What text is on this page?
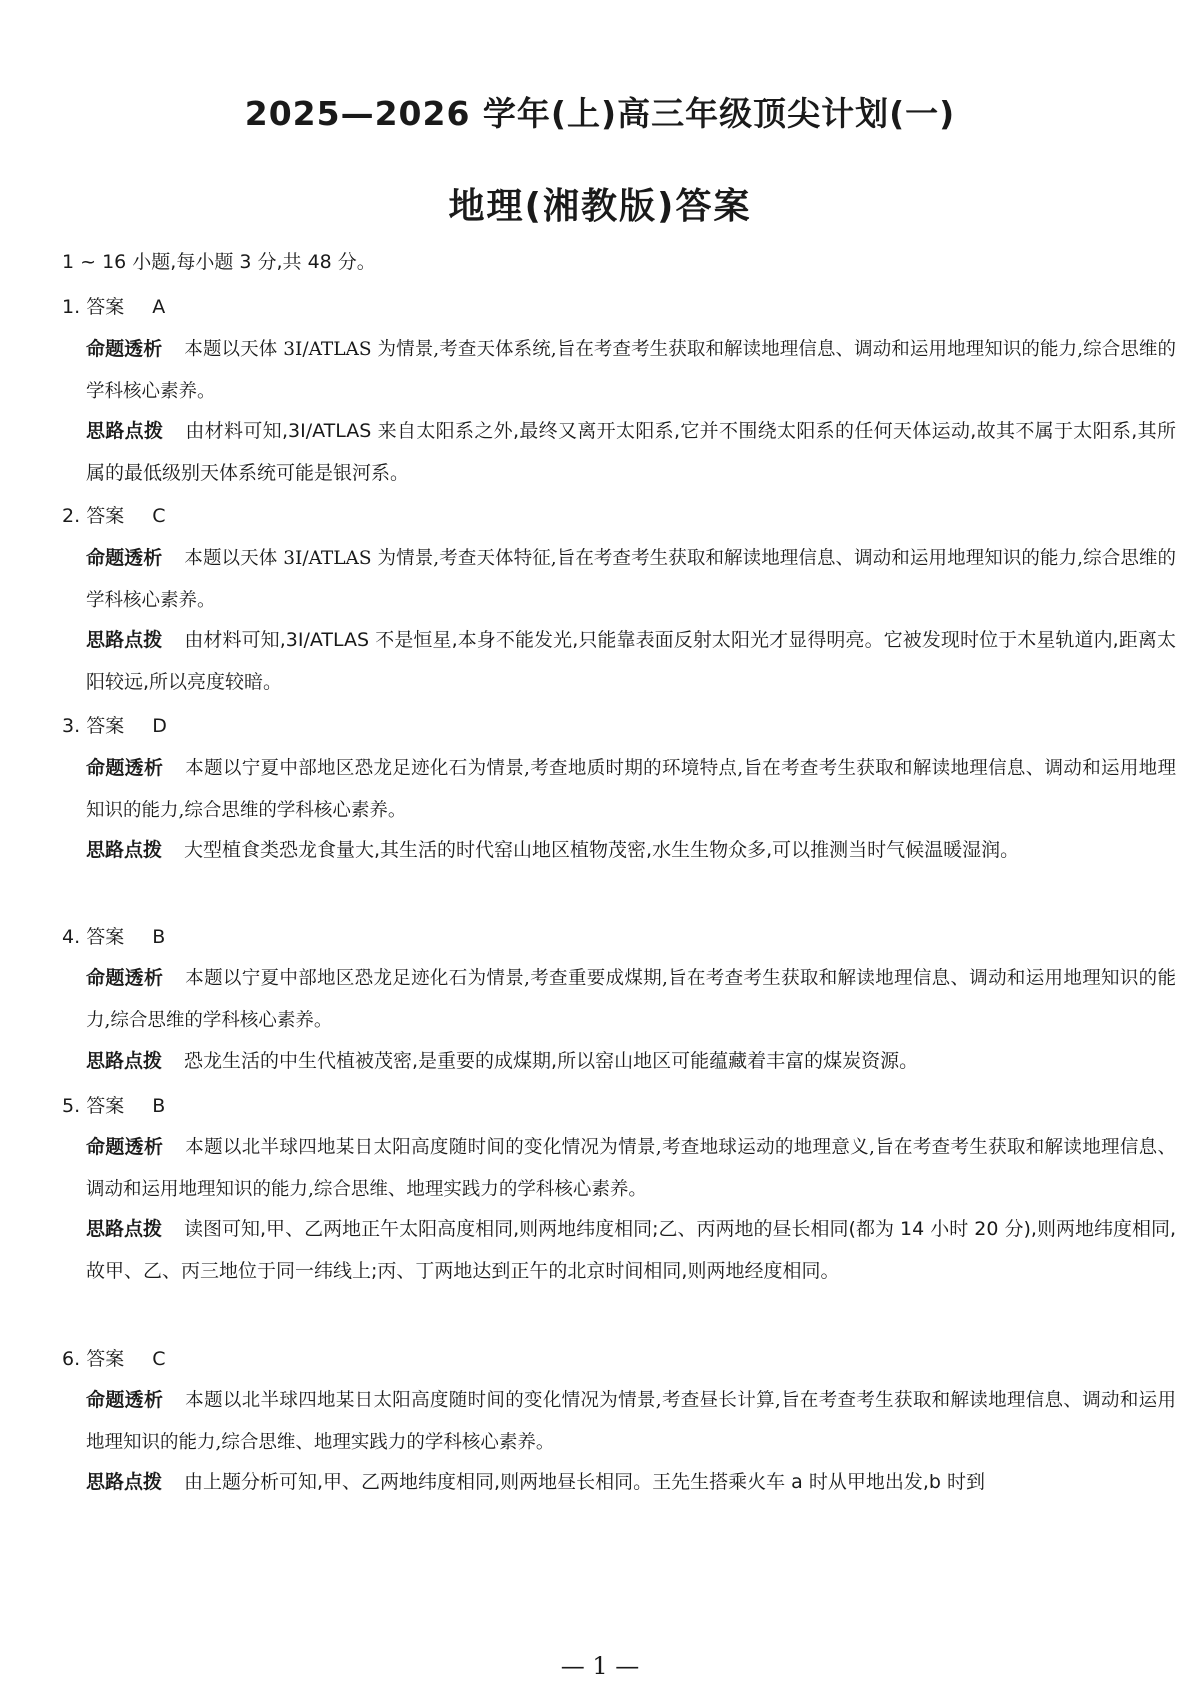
2025—2026 学年(上)高三年级顶尖计划(一)
地理(湘教版)答案
1 ~ 16 小题,每小题 3 分,共 48 分。
1. 答案 A
命题透析 本题以天体 3I/ATLAS 为情景,考查天体系统,旨在考查考生获取和解读地理信息、调动和运用地理知识的能力,综合思维的学科核心素养。
思路点拨 由材料可知,3I/ATLAS 来自太阳系之外,最终又离开太阳系,它并不围绕太阳系的任何天体运动,故其不属于太阳系,其所属的最低级别天体系统可能是银河系。
2. 答案 C
命题透析 本题以天体 3I/ATLAS 为情景,考查天体特征,旨在考查考生获取和解读地理信息、调动和运用地理知识的能力,综合思维的学科核心素养。
思路点拨 由材料可知,3I/ATLAS 不是恒星,本身不能发光,只能靠表面反射太阳光才显得明亮。它被发现时位于木星轨道内,距离太阳较远,所以亮度较暗。
3. 答案 D
命题透析 本题以宁夏中部地区恐龙足迹化石为情景,考查地质时期的环境特点,旨在考查考生获取和解读地理信息、调动和运用地理知识的能力,综合思维的学科核心素养。
思路点拨 大型植食类恐龙食量大,其生活的时代窑山地区植物茂密,水生生物众多,可以推测当时气候温暖湿润。
4. 答案 B
命题透析 本题以宁夏中部地区恐龙足迹化石为情景,考查重要成煤期,旨在考查考生获取和解读地理信息、调动和运用地理知识的能力,综合思维的学科核心素养。
思路点拨 恐龙生活的中生代植被茂密,是重要的成煤期,所以窑山地区可能蕴藏着丰富的煤炭资源。
5. 答案 B
命题透析 本题以北半球四地某日太阳高度随时间的变化情况为情景,考查地球运动的地理意义,旨在考查考生获取和解读地理信息、调动和运用地理知识的能力,综合思维、地理实践力的学科核心素养。
思路点拨 读图可知,甲、乙两地正午太阳高度相同,则两地纬度相同;乙、丙两地的昼长相同(都为 14 小时 20 分),则两地纬度相同,故甲、乙、丙三地位于同一纬线上;丙、丁两地达到正午的北京时间相同,则两地经度相同。
6. 答案 C
命题透析 本题以北半球四地某日太阳高度随时间的变化情况为情景,考查昼长计算,旨在考查考生获取和解读地理信息、调动和运用地理知识的能力,综合思维、地理实践力的学科核心素养。
思路点拨 由上题分析可知,甲、乙两地纬度相同,则两地昼长相同。王先生搭乘火车 a 时从甲地出发,b 时到
— 1 —
